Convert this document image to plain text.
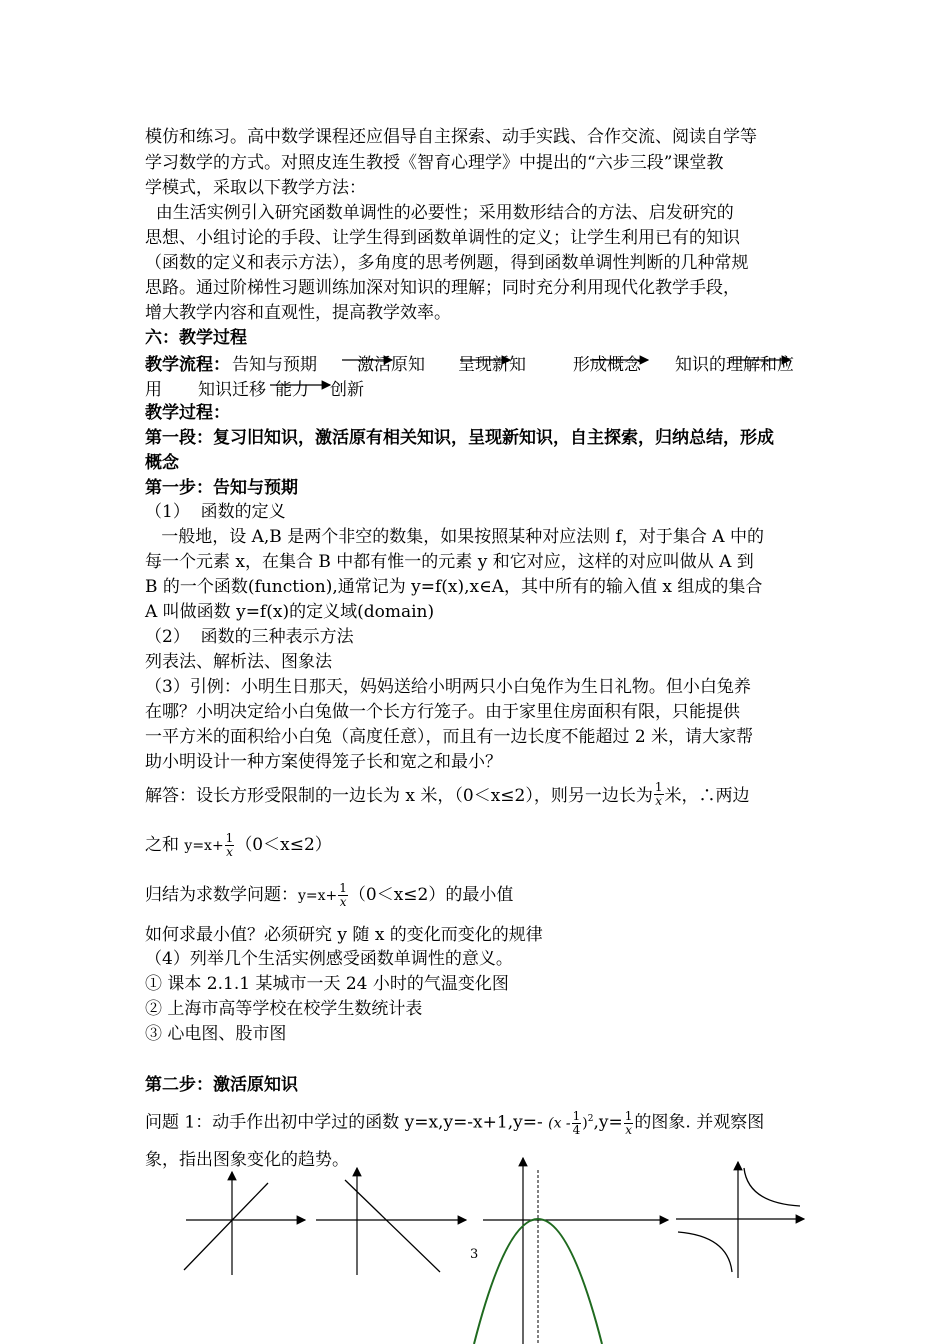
模仿和练习。高中数学课程还应倡导自主探索、动手实践、合作交流、阅读自学等
学习数学的方式。对照皮连生教授《智育心理学》中提出的“六步三段”课堂教
学模式，采取以下教学方法：
由生活实例引入研究函数单调性的必要性；采用数形结合的方法、启发研究的
思想、小组讨论的手段、让学生得到函数单调性的定义；让学生利用已有的知识
（函数的定义和表示方法），多角度的思考例题，得到函数单调性判断的几种常规
思路。通过阶梯性习题训练加深对知识的理解；同时充分利用现代化教学手段，
增大教学内容和直观性，提高教学效率。
六：教学过程
教学流程： 告知与预期 激活原知 呈现新知	形成概念 知识的理解和应
用 知识迁移 能力 创新
教学过程：
第一段：复习旧知识，激活原有相关知识，呈现新知识，自主探索，归纳总结，形成
概念
第一步：告知与预期
（1）  函数的定义
一般地，设 A,B 是两个非空的数集，如果按照某种对应法则 f，对于集合 A 中的
每一个元素 x，在集合 B 中都有惟一的元素 y 和它对应，这样的对应叫做从 A 到
B 的一个函数(function),通常记为 y=f(x),x∈A，其中所有的输入值 x 组成的集合
A 叫做函数 y=f(x)的定义域(domain)
（2）  函数的三种表示方法
列表法、解析法、图象法
（3）引例：小明生日那天，妈妈送给小明两只小白兔作为生日礼物。但小白兔养
在哪？小明决定给小白兔做一个长方行笼子。由于家里住房面积有限，只能提供
一平方米的面积给小白兔（高度任意），而且有一边长度不能超过 2 米，请大家帮
助小明设计一种方案使得笼子长和宽之和最小？
解答：设长方形受限制的一边长为 x 米，（0＜x≤2），则另一边长为 $\frac{1}{x}$ 米，∴两边
之和 $y=x+ \frac{1}{x} (0<x\le 2)$
归结为求数学问题：$y=x+ \frac{1}{x} (0<x\le 2)$的最小值
如何求最小值？必须研究 y 随 x 的变化而变化的规律
（4）列举几个生活实例感受函数单调性的意义。
① 课本 2.1.1 某城市一天 24 小时的气温变化图
② 上海市高等学校在校学生数统计表
③ 心电图、股市图
第二步：激活原知识
问题 1：动手作出初中学过的函数 y=x,y=-x+1,y=- $(x - \frac{1}{4} )^2,y= \frac{1}{x}$ 的图象. 并观察图
象，指出图象变化的趋势。
3
